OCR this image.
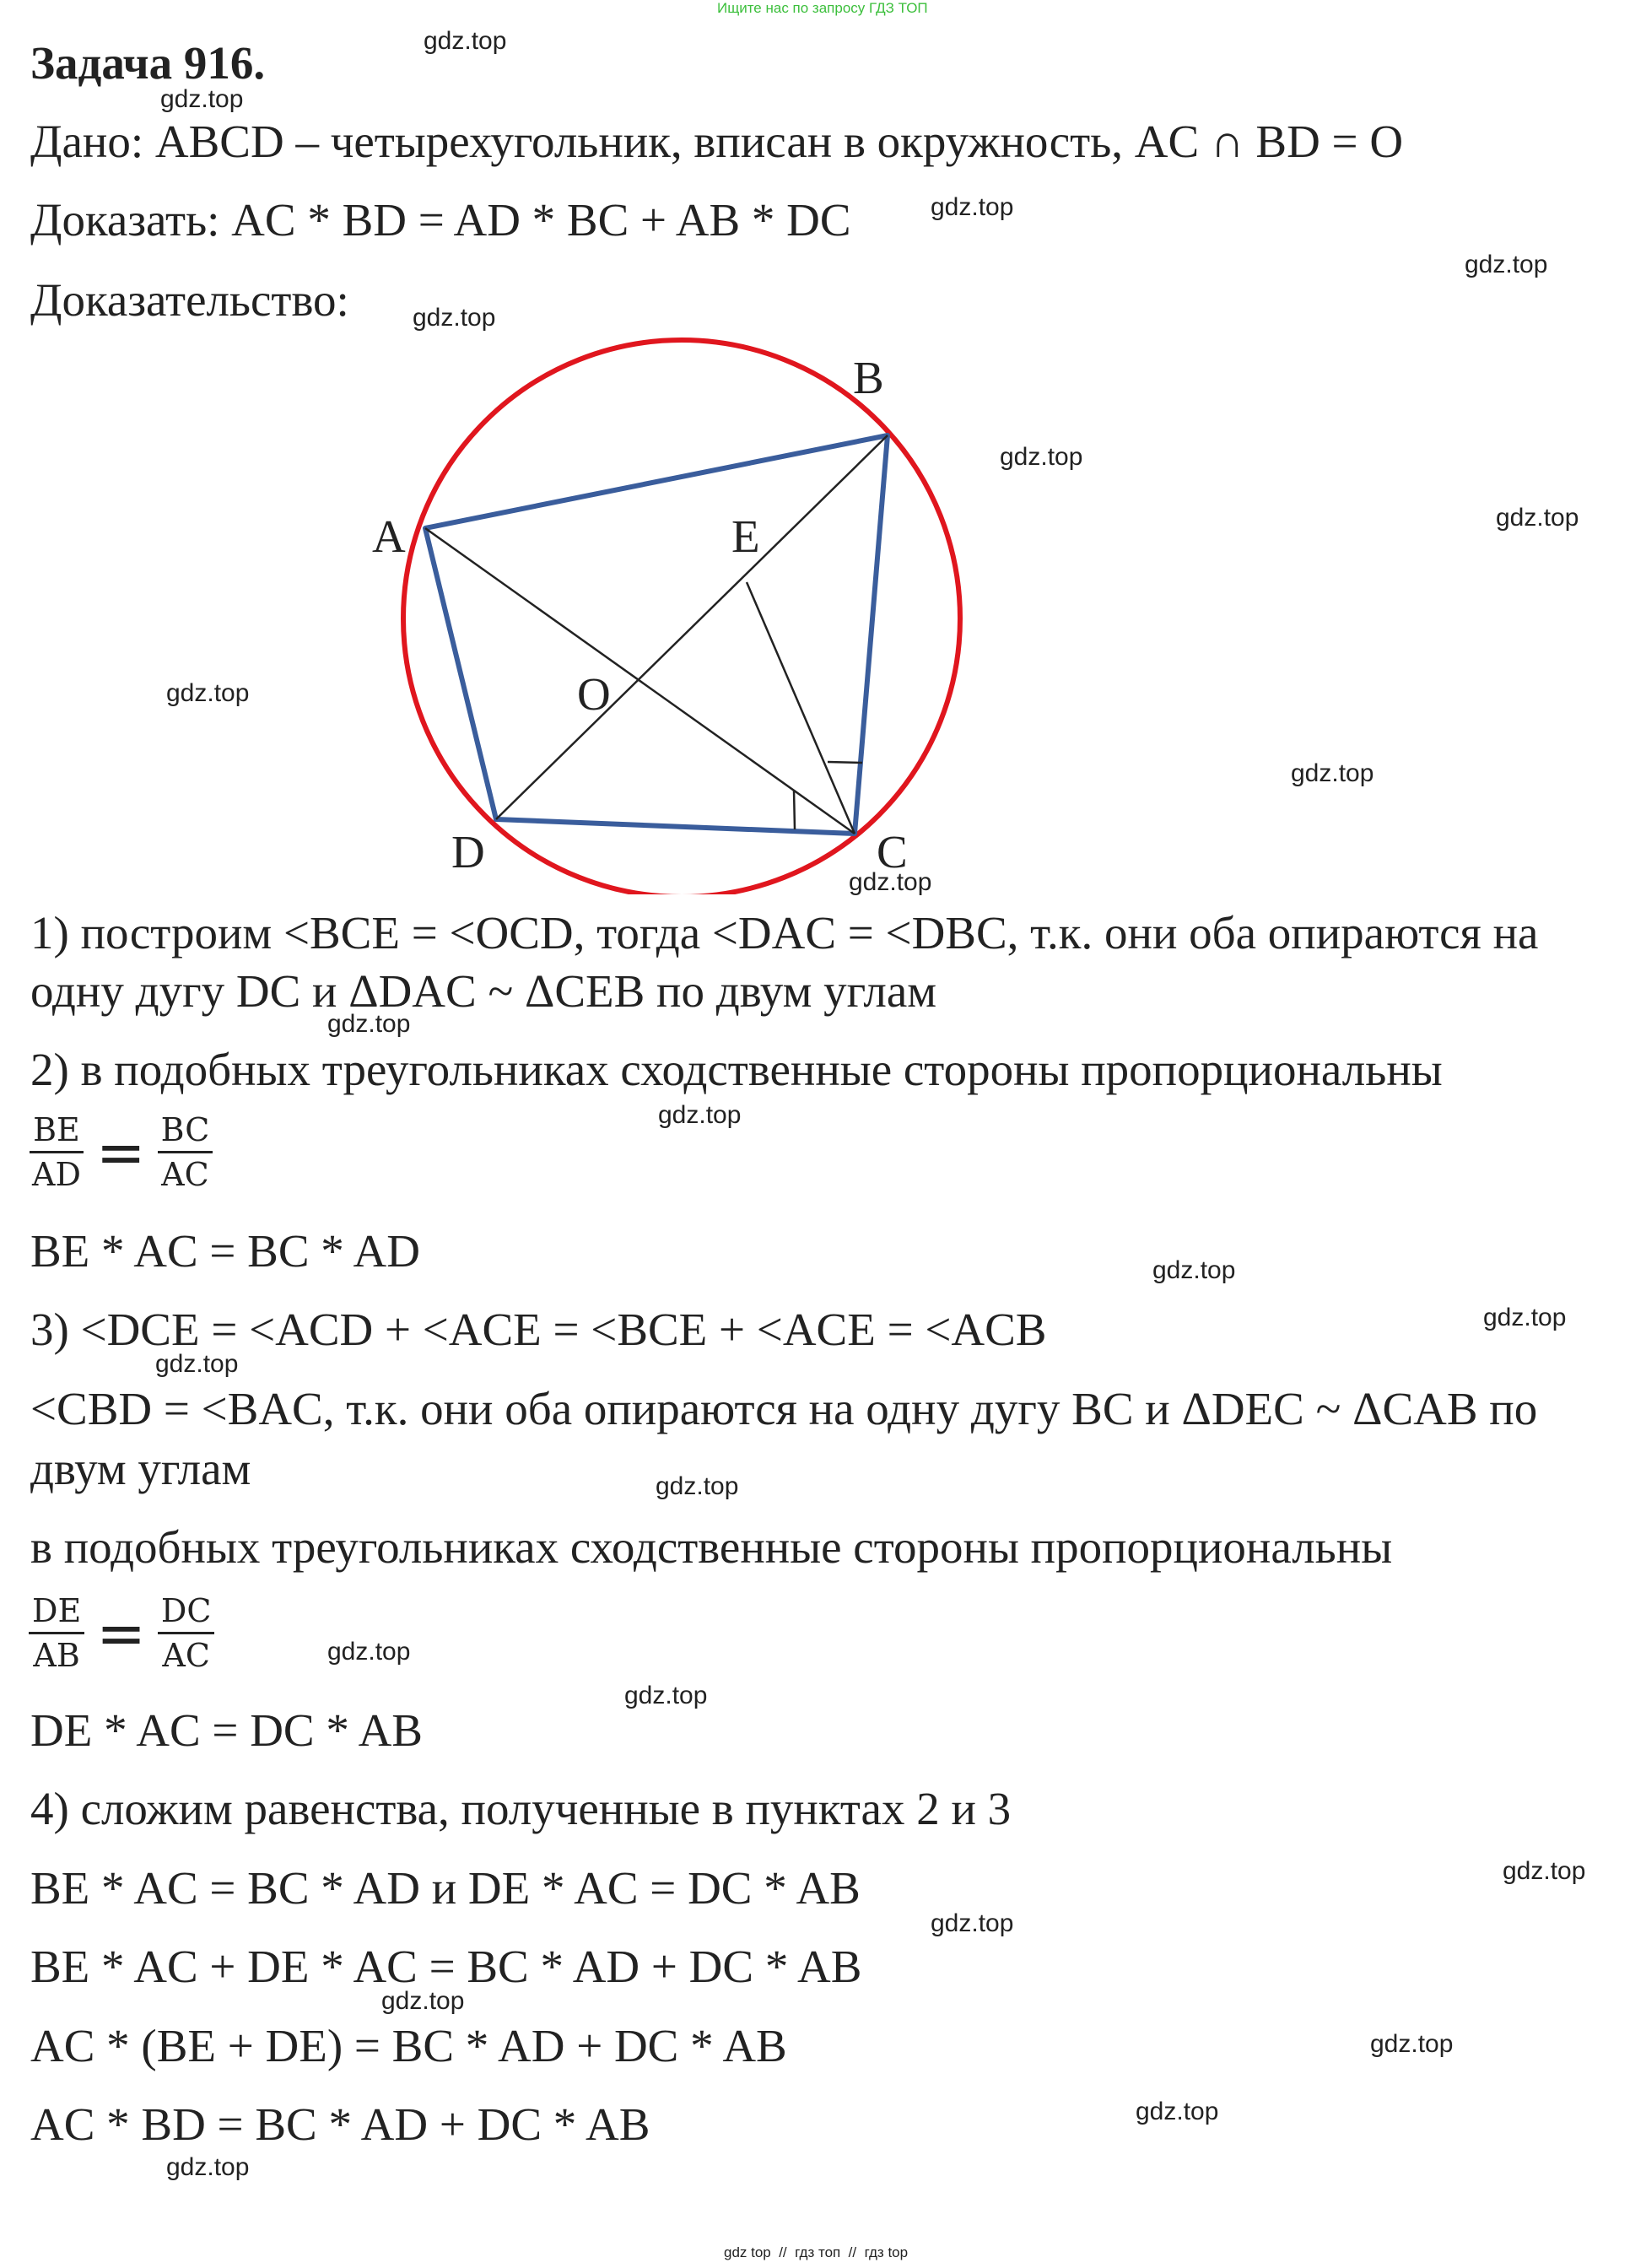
Ищите нас по запросу ГДЗ ТОП
Задача 916.
Дано: ABCD – четырехугольник, вписан в окружность, AC ∩ BD = O
Доказать: AC * BD = AD * BC + AB * DC
Доказательство:
A
B
C
D
E
O
1) построим <BCE = <OCD, тогда <DAC = <DBC, т.к. они оба опираются на
одну дугу DC и ΔDAC ~ ΔCEB по двум углам
2) в подобных треугольниках сходственные стороны пропорциональны
$\frac{BE}{AD} = \frac{BC}{AC}$
BE * AC = BC * AD
3) <DCE = <ACD + <ACE = <BCE + <ACE = <ACB
<CBD = <BAC, т.к. они оба опираются на одну дугу BC и ΔDEC ~ ΔCAB по
двум углам
в подобных треугольниках сходственные стороны пропорциональны
$\frac{DE}{AB} = \frac{DC}{AC}$
DE * AC = DC * AB
4) сложим равенства, полученные в пунктах 2 и 3
BE * AC = BC * AD и DE * AC = DC * AB
BE * AC + DE * AC = BC * AD + DC * AB
AC * (BE + DE) = BC * AD + DC * AB
AC * BD = BC * AD + DC * AB
gdz.top
gdz.top
gdz.top
gdz.top
gdz.top
gdz.top
gdz.top
gdz.top
gdz.top
gdz.top
gdz.top
gdz.top
gdz.top
gdz.top
gdz.top
gdz.top
gdz.top
gdz.top
gdz.top
gdz.top
gdz.top
gdz.top
gdz.top
gdz.top
gdz top  //  гдз топ  //  гдз top
